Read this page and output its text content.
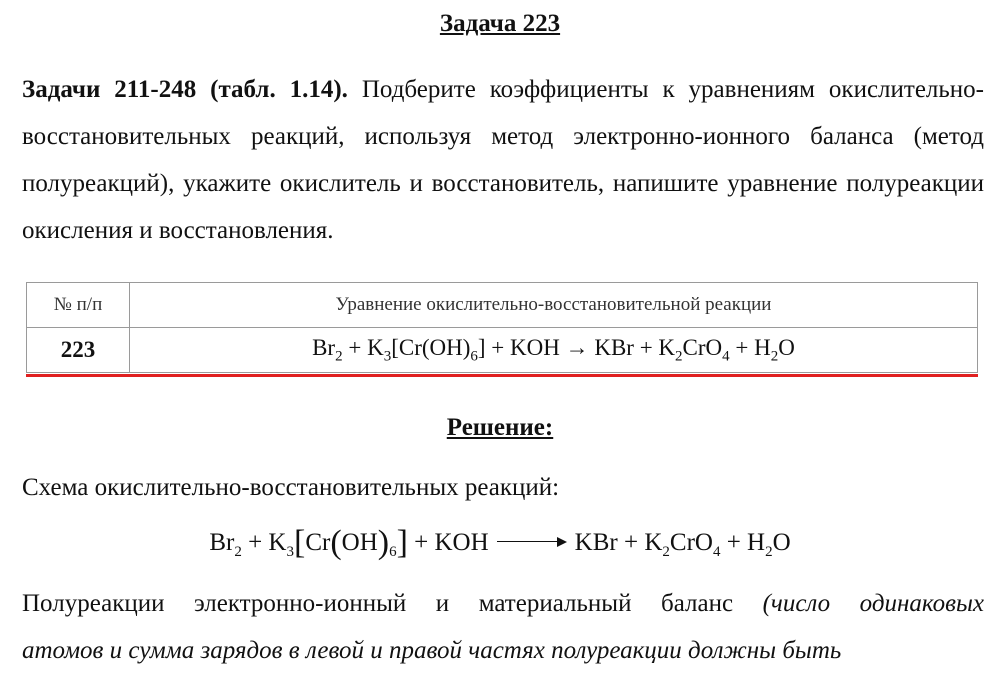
Задача 223
Задачи 211-248 (табл. 1.14). Подберите коэффициенты к уравнениям окислительно-восстановительных реакций, используя метод электронно-ионного баланса (метод полуреакций), укажите окислитель и восстановитель, напишите уравнение полуреакции окисления и восстановления.
№ п/п	Уравнение окислительно-восстановительной реакции
223	$Br_2 + K_3[Cr(OH)_6]$ + KOH → KBr + $K_2CrO_4 + H_2O$
Решение:
Схема окислительно-восстановительных реакций:
$Br_2 + K_3[Cr(OH)_6]$ + KOH	KBr + $K_2CrO_4 + H_2O$
Полуреакции электронно-ионный и материальный баланс (число одинаковых
атомов и сумма зарядов в левой и правой частях полуреакции должны быть
